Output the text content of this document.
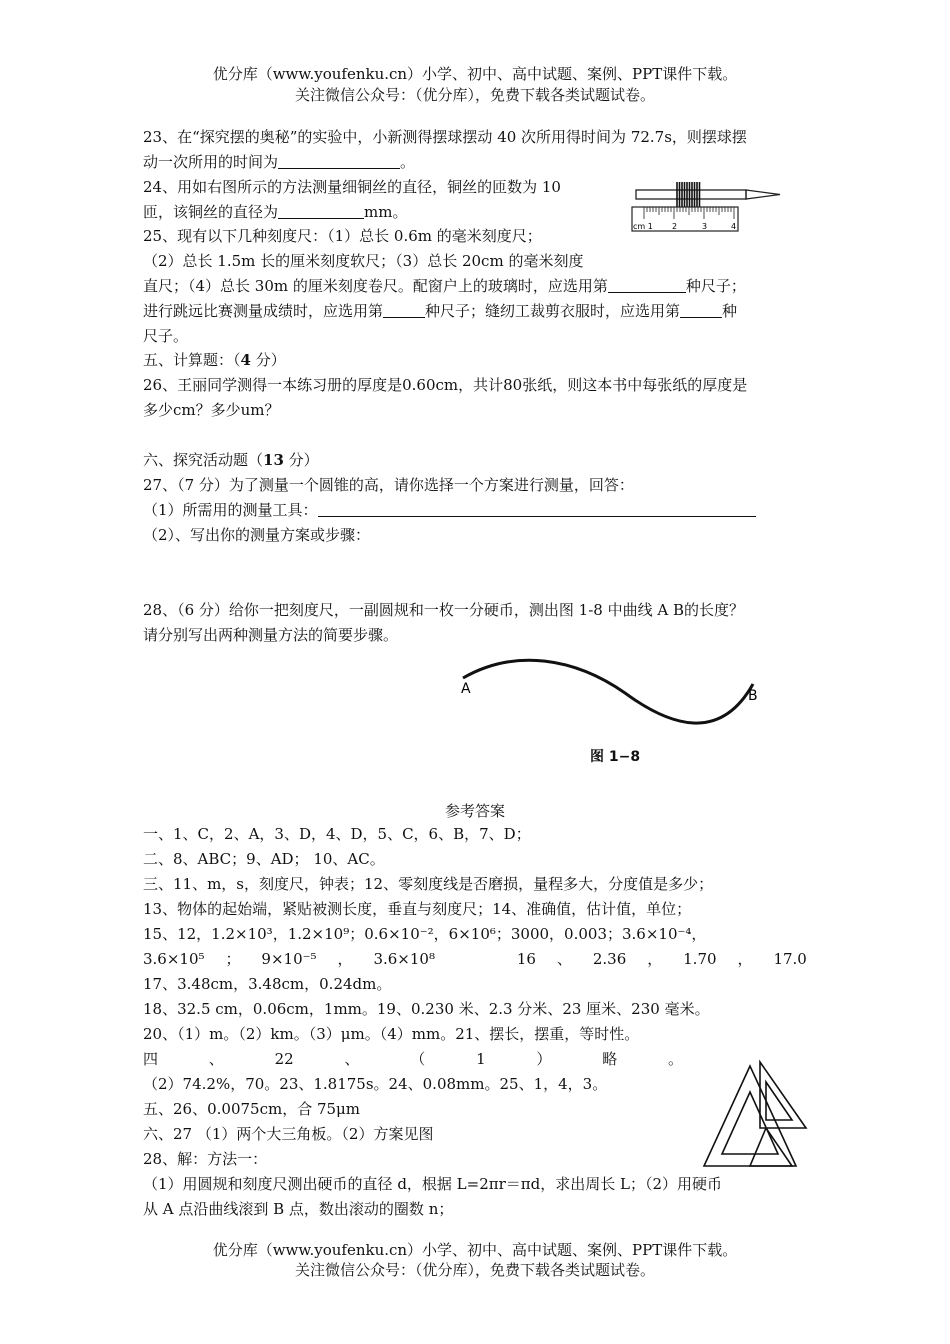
优分库（www.youfenku.cn）小学、初中、高中试题、案例、PPT课件下载。
关注微信公众号：（优分库），免费下载各类试题试卷。
23、在“探究摆的奥秘”的实验中，小新测得摆球摆动 40 次所用得时间为 72.7s，则摆球摆
动一次所用的时间为	。
24、用如右图所示的方法测量细铜丝的直径，铜丝的匝数为 10
匝，该铜丝的直径为	mm。
cm 1 2	3	4
25、现有以下几种刻度尺：（1）总长 0.6m 的毫米刻度尺；
（2）总长 1.5m 长的厘米刻度软尺；（3）总长 20cm 的毫米刻度
直尺；（4）总长 30m 的厘米刻度卷尺。配窗户上的玻璃时，应选用第	种尺子；
进行跳远比赛测量成绩时，应选用第	种尺子；缝纫工裁剪衣服时，应选用第	种
尺子。
五、计算题：（4 分）
26、王丽同学测得一本练习册的厚度是0.60cm，共计80张纸，则这本书中每张纸的厚度是
多少cm？多少um？
六、探究活动题（13 分）
27、（7 分）为了测量一个圆锥的高，请你选择一个方案进行测量，回答：
（1）所需用的测量工具：
（2）、写出你的测量方案或步骤：
28、（6 分）给你一把刻度尺，一副圆规和一枚一分硬币，测出图 1-8 中曲线 A B的长度？
请分别写出两种测量方法的简要步骤。
A	B
图 1−8
参考答案
一、1、C，2、A，3、D，4、D，5、C，6、B，7、D；
二、8、ABC；9、AD； 10、AC。
三、11、m，s，刻度尺，钟表；12、零刻度线是否磨损，量程多大，分度值是多少；
13、物体的起始端，紧贴被测长度，垂直与刻度尺；14、准确值，估计值，单位；
15、12，1.2×10³，1.2×10⁹；0.6×10⁻²，6×10⁶；3000，0.003；3.6×10⁻⁴，
3.6×10⁵ ； 9×10⁻⁵ ， 3.6×10⁸	16 、 2.36 ， 1.70 ， 17.0
17、3.48cm，3.48cm，0.24dm。
18、32.5 cm，0.06cm，1mm。19、0.230 米、2.3 分米、23 厘米、230 毫米。
20、（1）m。（2）km。（3）μm。（4）mm。21、摆长，摆重，等时性。
四	、	22	、	（	1	）	略	。
（2）74.2%，70。23、1.8175s。24、0.08mm。25、1，4，3。
五、26、0.0075cm，合 75μm
六、27 （1）两个大三角板。（2）方案见图
28、解：方法一：
（1）用圆规和刻度尺测出硬币的直径 d，根据 L=2πr＝πd，求出周长 L；（2）用硬币
从 A 点沿曲线滚到 B 点，数出滚动的圈数 n；
优分库（www.youfenku.cn）小学、初中、高中试题、案例、PPT课件下载。
关注微信公众号：（优分库），免费下载各类试题试卷。
